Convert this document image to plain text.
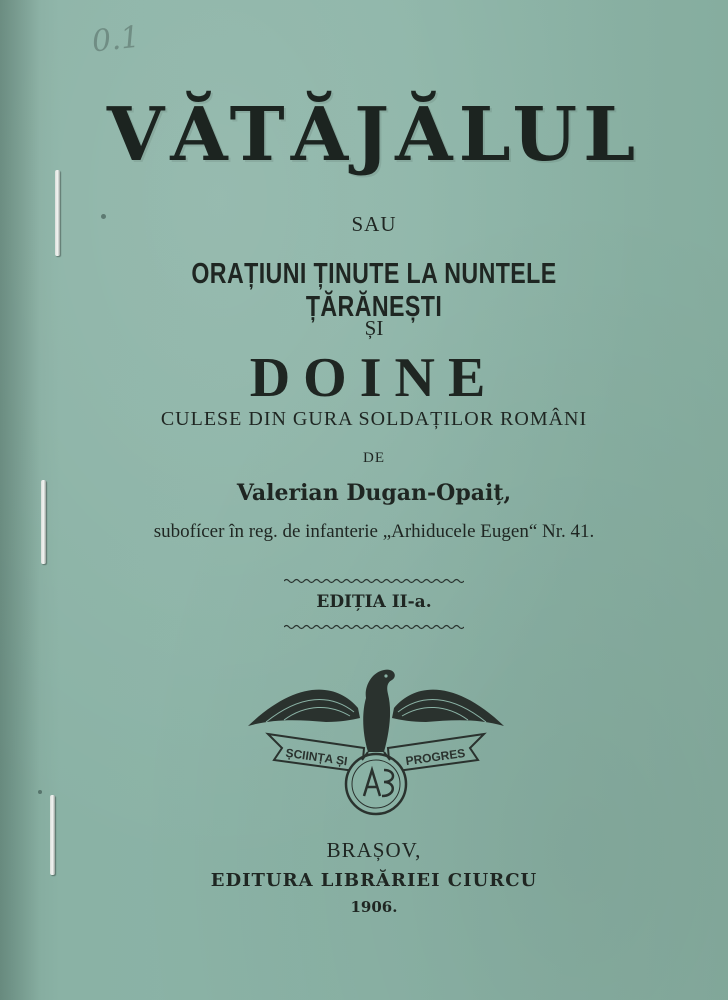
0.1
VĂTĂJĂLUL
SAU
ORAȚIUNI ȚINUTE LA NUNTELE ȚĂRĂNEȘTI
ȘI
DOINE
CULESE DIN GURA SOLDAȚILOR ROMÂNI
DE
Valerian Dugan-Opaiț,
subofícer în reg. de infanterie „Arhiducele Eugen“ Nr. 41.
EDIȚIA II-a.
ȘCIINȚA ȘI	PROGRES
BRAȘOV,
EDITURA LIBRĂRIEI CIURCU
1906.
